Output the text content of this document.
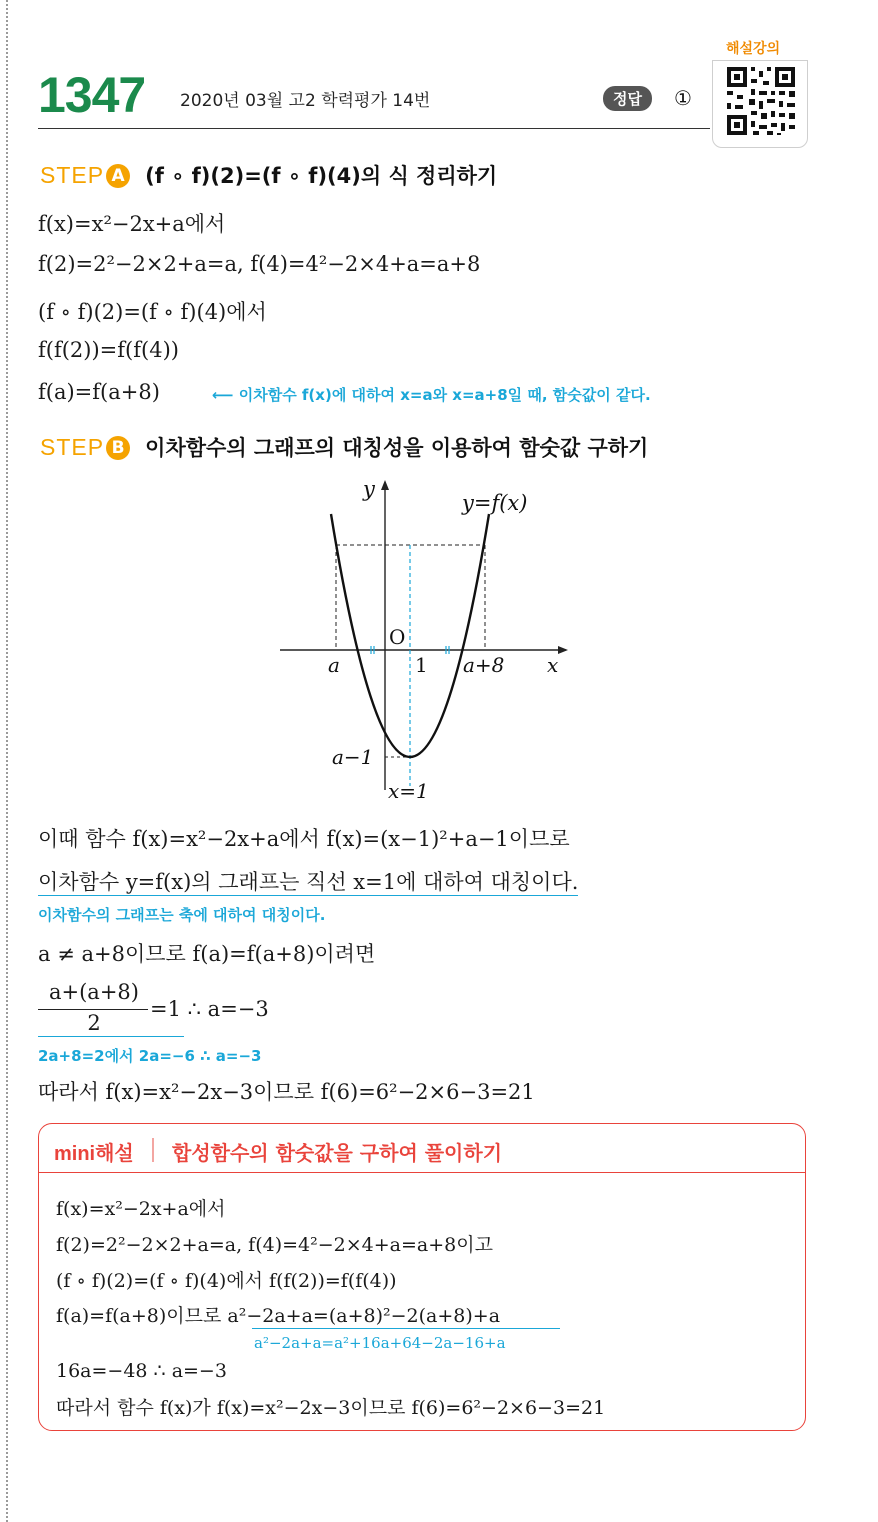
1347 2020년 03월 고2 학력평가 14번	정답	①
해설강의
STEP A (f ∘ f)(2)=(f ∘ f)(4)의 식 정리하기
f(x)=x²−2x+a에서
f(2)=2²−2×2+a=a, f(4)=4²−2×4+a=a+8
(f ∘ f)(2)=(f ∘ f)(4)에서
f(f(2))=f(f(4))
f(a)=f(a+8)	⟵ 이차함수 f(x)에 대하여 x=a와 x=a+8일 때, 함숫값이 같다.
STEP B 이차함수의 그래프의 대칭성을 이용하여 함숫값 구하기
y
y=f(x)
O
a	1 a+8 x
a−1
x=1
이때 함수 f(x)=x²−2x+a에서 f(x)=(x−1)²+a−1이므로
이차함수 y=f(x)의 그래프는 직선 x=1에 대하여 대칭이다.
이차함수의 그래프는 축에 대하여 대칭이다.
a ≠ a+8이므로 f(a)=f(a+8)이려면
a+(a+8)
2
=1 ∴ a=−3
2a+8=2에서 2a=−6 ∴ a=−3
따라서 f(x)=x²−2x−3이므로 f(6)=6²−2×6−3=21
mini해설 합성함수의 함숫값을 구하여 풀이하기
f(x)=x²−2x+a에서
f(2)=2²−2×2+a=a, f(4)=4²−2×4+a=a+8이고
(f ∘ f)(2)=(f ∘ f)(4)에서 f(f(2))=f(f(4))
f(a)=f(a+8)이므로 a²−2a+a=(a+8)²−2(a+8)+a
a²−2a+a=a²+16a+64−2a−16+a
16a=−48 ∴ a=−3
따라서 함수 f(x)가 f(x)=x²−2x−3이므로 f(6)=6²−2×6−3=21
